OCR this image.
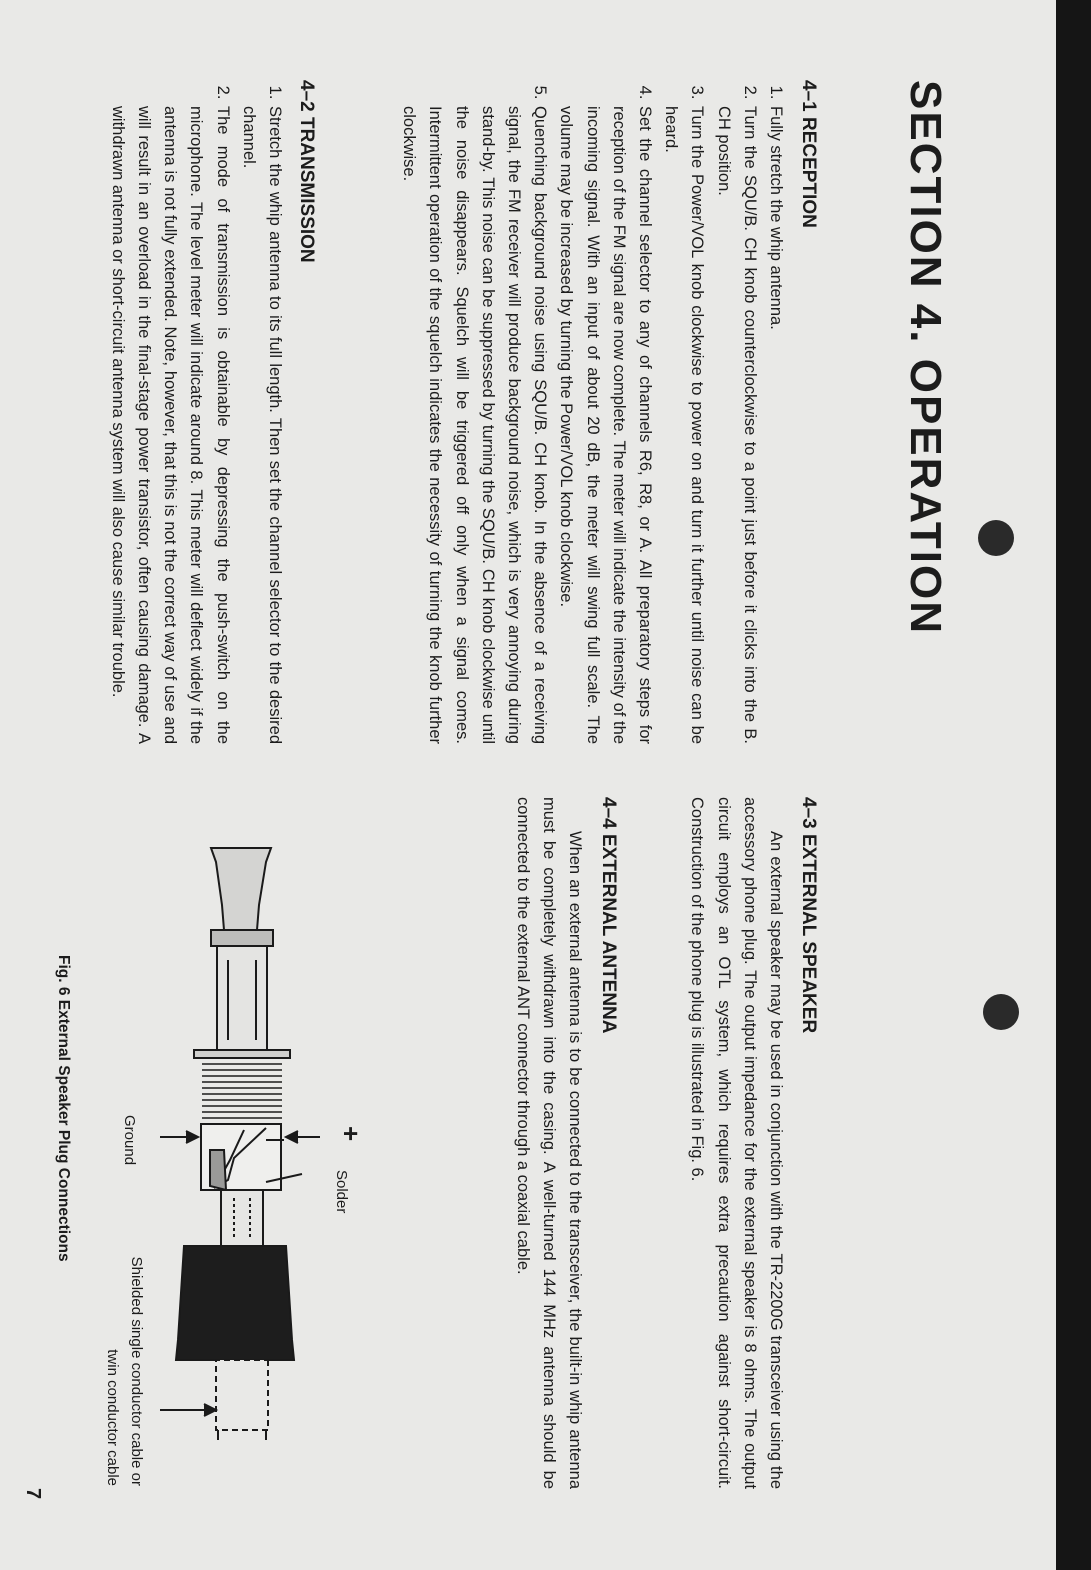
SECTION 4. OPERATION
4–1 RECEPTION
1. Fully stretch the whip antenna.
2. Turn the SQU/B. CH knob counterclockwise to a point just before it clicks into the B. CH position.
3. Turn the Power/VOL knob clockwise to power on and turn it further until noise can be heard.
4. Set the channel selector to any of channels R6, R8, or A. All preparatory steps for reception of the FM signal are now complete. The meter will indicate the intensity of the incoming signal. With an input of about 20 dB, the meter will swing full scale. The volume may be increased by turning the Power/VOL knob clockwise.
5. Quenching background noise using SQU/B. CH knob. In the absence of a receiving signal, the FM receiver will produce background noise, which is very annoying during stand-by. This noise can be suppressed by turning the SQU/B. CH knob clockwise until the noise disappears. Squelch will be triggered off only when a signal comes. Intermittent operation of the squelch indicates the necessity of turning the knob further clockwise.
4–2 TRANSMISSION
1. Stretch the whip antenna to its full length. Then set the channel selector to the desired channel.
2. The mode of transmission is obtainable by depressing the push-switch on the microphone. The level meter will indicate around 8. This meter will deflect widely if the antenna is not fully extended. Note, however, that this is not the correct way of use and will result in an overload in the final-stage power transistor, often causing damage. A withdrawn antenna or short-circuit antenna system will also cause similar trouble.
4–3 EXTERNAL SPEAKER

An external speaker may be used in conjunction with the TR-2200G transceiver using the accessory phone plug. The output impedance for the external speaker is 8 ohms. The output circuit employs an OTL system, which requires extra precaution against short-circuit. Construction of the phone plug is illustrated in Fig. 6.

4–4 EXTERNAL ANTENNA

When an external antenna is to be connected to the transceiver, the built-in whip antenna must be completely withdrawn into the casing. A well-turned 144 MHz antenna should be connected to the external ANT connector through a coaxial cable.

+
Solder
Ground
Shielded single conductor cable or twin conductor cable
Fig. 6 External Speaker Plug Connections
7
